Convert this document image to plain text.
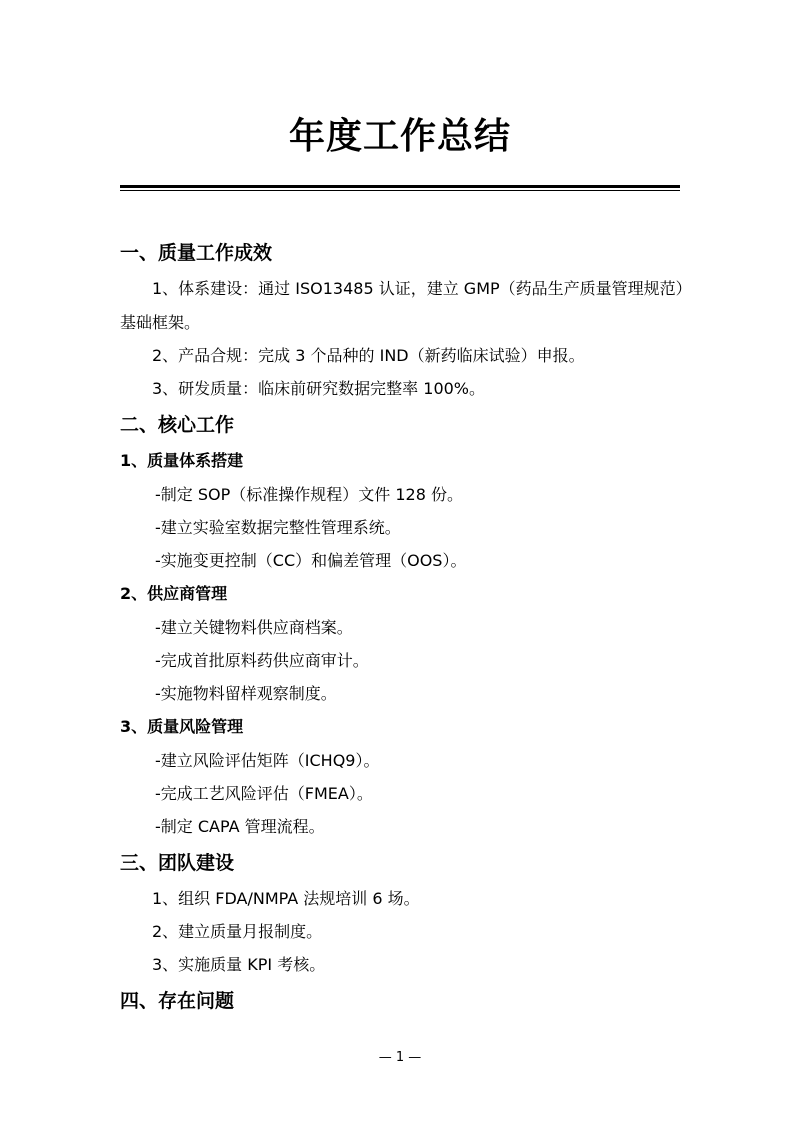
年度工作总结
一、质量工作成效
1、体系建设：通过 ISO13485 认证，建立 GMP（药品生产质量管理规范）
基础框架。
2、产品合规：完成 3 个品种的 IND（新药临床试验）申报。
3、研发质量：临床前研究数据完整率 100%。
二、核心工作
1、质量体系搭建
-制定 SOP（标准操作规程）文件 128 份。
-建立实验室数据完整性管理系统。
-实施变更控制（CC）和偏差管理（OOS）。
2、供应商管理
-建立关键物料供应商档案。
-完成首批原料药供应商审计。
-实施物料留样观察制度。
3、质量风险管理
-建立风险评估矩阵（ICHQ9）。
-完成工艺风险评估（FMEA）。
-制定 CAPA 管理流程。
三、团队建设
1、组织 FDA/NMPA 法规培训 6 场。
2、建立质量月报制度。
3、实施质量 KPI 考核。
四、存在问题
— 1 —
